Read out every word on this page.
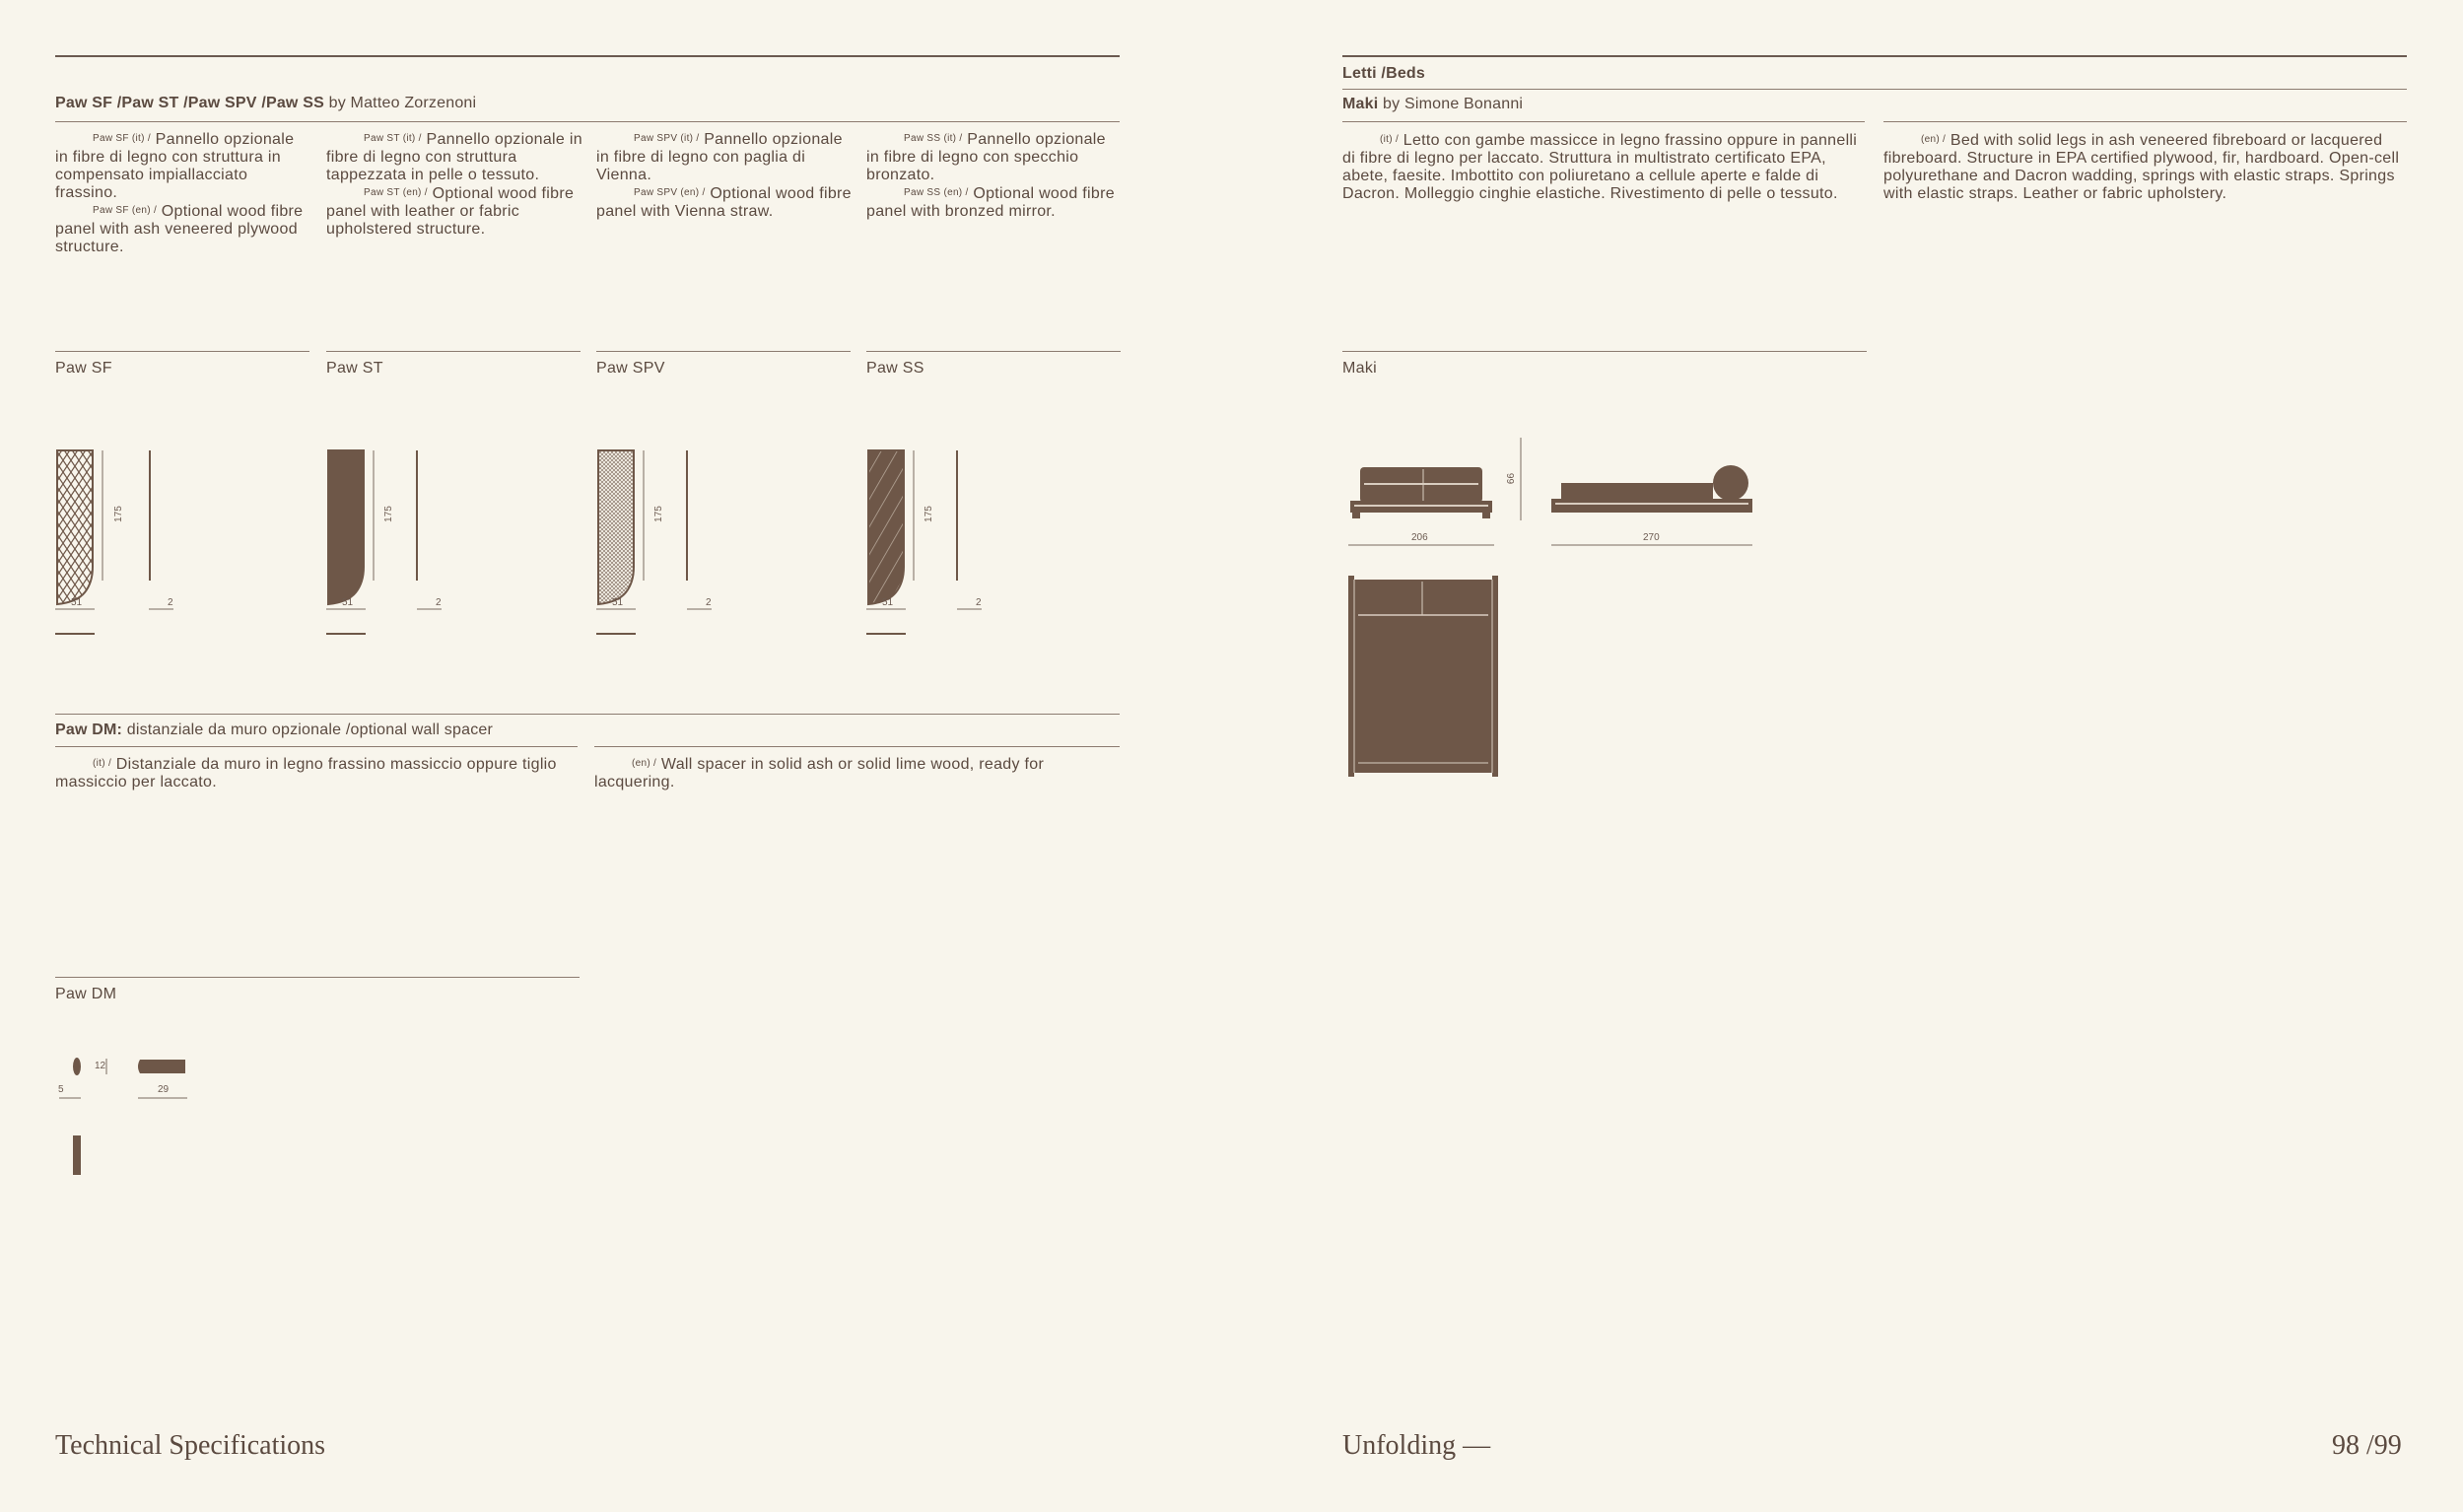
Paw SF /Paw ST /Paw SPV /Paw SS by Matteo Zorzenoni
Paw SF (it) / Pannello opzionale in fibre di legno con struttura in compensato impiallacciato frassino.
Paw SF (en) / Optional wood fibre panel with ash veneered plywood structure.
Paw ST (it) / Pannello opzionale in fibre di legno con struttura tappezzata in pelle o tessuto.
Paw ST (en) / Optional wood fibre panel with leather or fabric upholstered structure.
Paw SPV (it) / Pannello opzionale in fibre di legno con paglia di Vienna.
Paw SPV (en) / Optional wood fibre panel with Vienna straw.
Paw SS (it) / Pannello opzionale in fibre di legno con specchio bronzato.
Paw SS (en) / Optional wood fibre panel with bronzed mirror.
Paw SF	Paw ST	Paw SPV	Paw SS
175
51	2
175
51	2
175
51	2
175
51	2
Paw DM: distanziale da muro opzionale /optional wall spacer
(it) / Distanziale da muro in legno frassino massiccio oppure tiglio massiccio per laccato.
(en) / Wall spacer in solid ash or solid lime wood, ready for lacquering.
Paw DM
12
5	29
Technical Specifications
Letti /Beds
Maki by Simone Bonanni
(it) / Letto con gambe massicce in legno frassino oppure in pannelli di fibre di legno per laccato. Struttura in multistrato certificato EPA, abete, faesite. Imbottito con poliuretano a cellule aperte e falde di Dacron. Molleggio cinghie elastiche. Rivestimento di pelle o tessuto.
(en) / Bed with solid legs in ash veneered fibreboard or lacquered fibreboard. Structure in EPA certified plywood, fir, hardboard. Open-cell polyurethane and Dacron wadding, springs with elastic straps. Springs with elastic straps. Leather or fabric upholstery.
Maki
206
66
270
Unfolding —	98 /99
